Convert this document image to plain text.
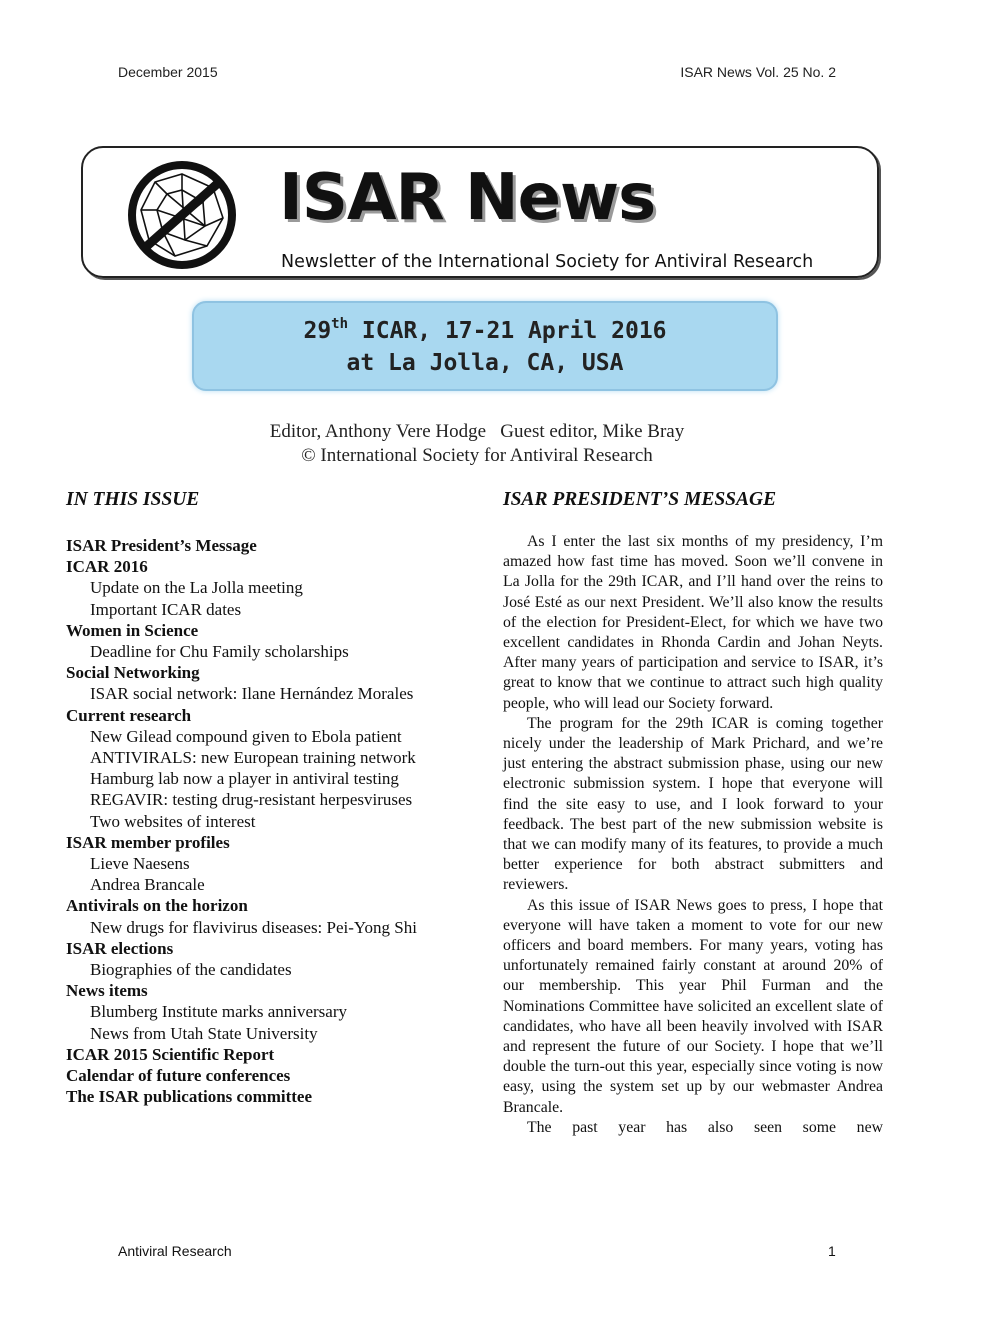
December 2015	ISAR News Vol. 25 No. 2
ISAR News
Newsletter of the International Society for Antiviral Research
29th ICAR, 17-21 April 2016
at La Jolla, CA, USA
Editor, Anthony Vere Hodge   Guest editor, Mike Bray
© International Society for Antiviral Research
IN THIS ISSUE	ISAR PRESIDENT’S MESSAGE
ISAR President’s Message
ICAR 2016
Update on the La Jolla meeting
Important ICAR dates
Women in Science
Deadline for Chu Family scholarships
Social Networking
ISAR social network: Ilane Hernández Morales
Current research
New Gilead compound given to Ebola patient
ANTIVIRALS: new European training network
Hamburg lab now a player in antiviral testing
REGAVIR: testing drug-resistant herpesviruses
Two websites of interest
ISAR member profiles
Lieve Naesens
Andrea Brancale
Antivirals on the horizon
New drugs for flavivirus diseases: Pei-Yong Shi
ISAR elections
Biographies of the candidates
News items
Blumberg Institute marks anniversary
News from Utah State University
ICAR 2015 Scientific Report
Calendar of future conferences
The ISAR publications committee

As I enter the last six months of my presidency, I’m amazed how fast time has moved. Soon we’ll convene in La Jolla for the 29th ICAR, and I’ll hand over the reins to José Esté as our next President. We’ll also know the results of the election for President-Elect, for which we have two excellent candidates in Rhonda Cardin and Johan Neyts. After many years of participation and service to ISAR, it’s great to know that we continue to attract such high quality people, who will lead our Society forward.

The program for the 29th ICAR is coming together nicely under the leadership of Mark Prichard, and we’re just entering the abstract submission phase, using our new electronic submission system. I hope that everyone will find the site easy to use, and I look forward to your feedback. The best part of the new submission website is that we can modify many of its features, to provide a much better experience for both abstract submitters and reviewers.

As this issue of ISAR News goes to press, I hope that everyone will have taken a moment to vote for our new officers and board members. For many years, voting has unfortunately remained fairly constant at around 20% of our membership. This year Phil Furman and the Nominations Committee have solicited an excellent slate of candidates, who have all been heavily involved with ISAR and represent the future of our Society. I hope that we’ll double the turn-out this year, especially since voting is now easy, using the system set up by our webmaster Andrea Brancale.

The past year has also seen some new

Antiviral Research	1
